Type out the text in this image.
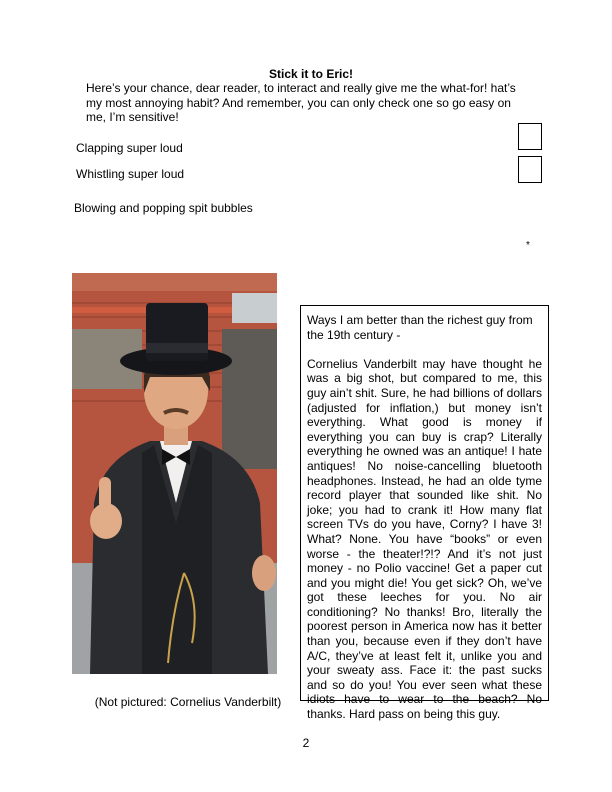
Stick it to Eric!
Here’s your chance, dear reader, to interact and really give me the what-for! hat’s my most annoying habit? And remember, you can only check one so go easy on me, I’m sensitive!
Clapping super loud
Whistling super loud
Blowing and popping spit bubbles
*
(Not pictured: Cornelius Vanderbilt)

Ways I am better than the richest guy from the 19th century -

Cornelius Vanderbilt may have thought he was a big shot, but compared to me, this guy ain’t shit. Sure, he had billions of dollars (adjusted for inflation,) but money isn’t everything. What good is money if everything you can buy is crap? Literally everything he owned was an antique! I hate antiques! No noise-cancelling bluetooth headphones. Instead, he had an olde tyme record player that sounded like shit. No joke; you had to crank it! How many flat screen TVs do you have, Corny? I have 3! What? None. You have “books” or even worse - the theater!?!? And it’s not just money - no Polio vaccine! Get a paper cut and you might die! You get sick? Oh, we’ve got these leeches for you. No air conditioning? No thanks! Bro, literally the poorest person in America now has it better than you, because even if they don’t have A/C, they’ve at least felt it, unlike you and your sweaty ass. Face it: the past sucks and so do you! You ever seen what these idiots have to wear to the beach? No thanks. Hard pass on being this guy.

2
